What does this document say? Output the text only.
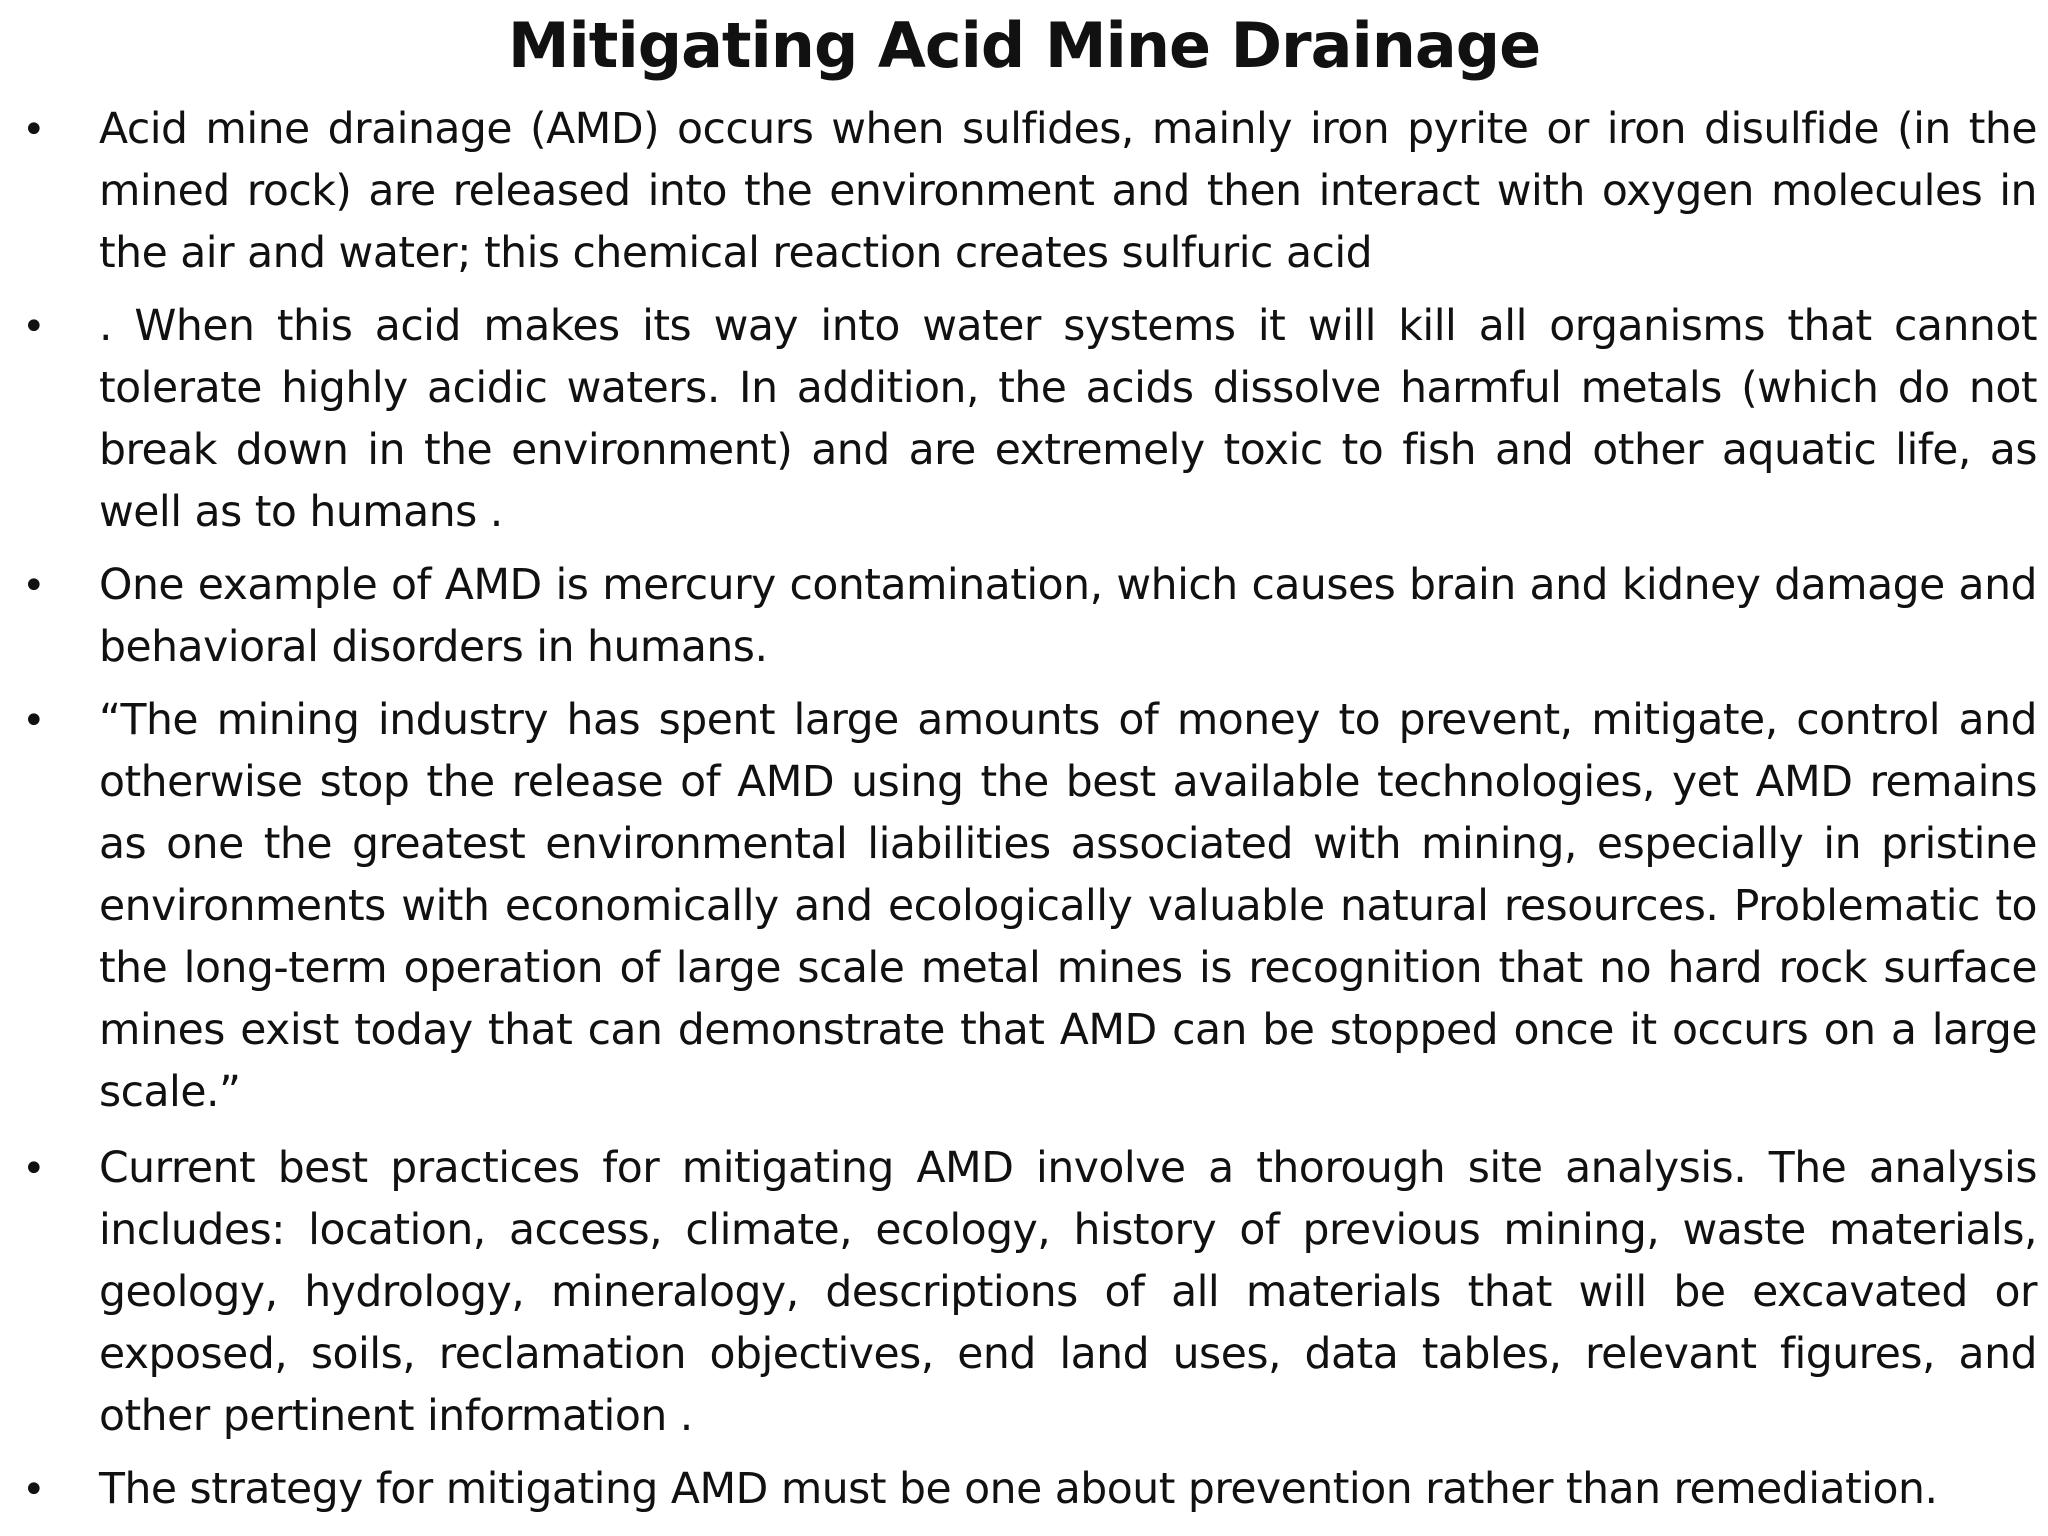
Mitigating Acid Mine Drainage
• Acid mine drainage (AMD) occurs when sulfides, mainly iron pyrite or iron disulfide (in the mined rock) are released into the environment and then interact with oxygen molecules in the air and water; this chemical reaction creates sulfuric acid

• . When this acid makes its way into water systems it will kill all organisms that cannot tolerate highly acidic waters. In addition, the acids dissolve harmful metals (which do not break down in the environment) and are extremely toxic to fish and other aquatic life, as well as to humans .

• One example of AMD is mercury contamination, which causes brain and kidney damage and behavioral disorders in humans.

• “The mining industry has spent large amounts of money to prevent, mitigate, control and otherwise stop the release of AMD using the best available technologies, yet AMD remains as one the greatest environmental liabilities associated with mining, especially in pristine environments with economically and ecologically valuable natural resources. Problematic to the long-term operation of large scale metal mines is recognition that no hard rock surface mines exist today that can demonstrate that AMD can be stopped once it occurs on a large scale.”

• Current best practices for mitigating AMD involve a thorough site analysis. The analysis includes: location, access, climate, ecology, history of previous mining, waste materials, geology, hydrology, mineralogy, descriptions of all materials that will be excavated or exposed, soils, reclamation objectives, end land uses, data tables, relevant figures, and other pertinent information .

• The strategy for mitigating AMD must be one about prevention rather than remediation.
